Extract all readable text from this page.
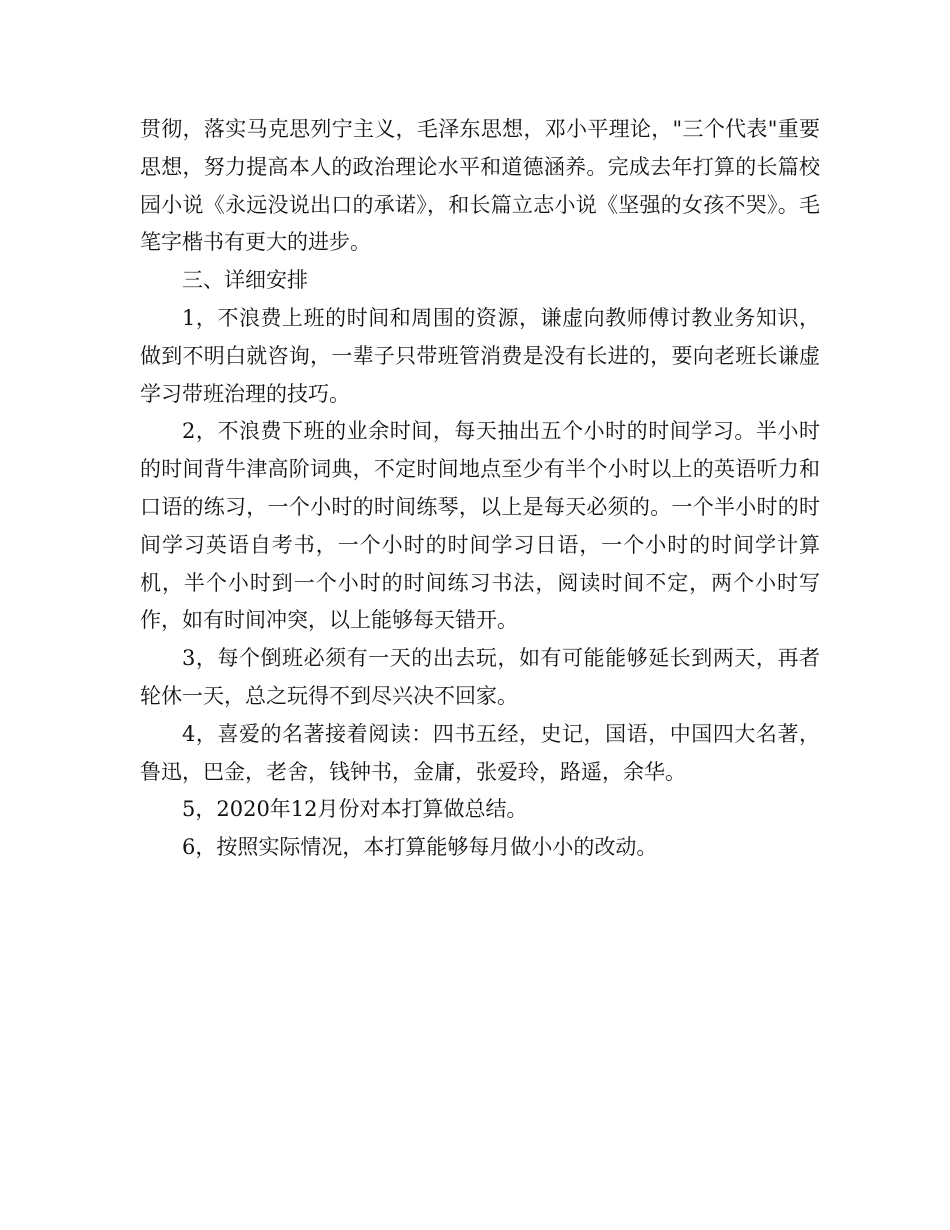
贯彻，落实马克思列宁主义，毛泽东思想，邓小平理论，"三个代表"重要思想，努力提高本人的政治理论水平和道德涵养。完成去年打算的长篇校园小说《永远没说出口的承诺》，和长篇立志小说《坚强的女孩不哭》。毛笔字楷书有更大的进步。

三、详细安排

1，不浪费上班的时间和周围的资源，谦虚向教师傅讨教业务知识，做到不明白就咨询，一辈子只带班管消费是没有长进的，要向老班长谦虚学习带班治理的技巧。

2，不浪费下班的业余时间，每天抽出五个小时的时间学习。半小时的时间背牛津高阶词典，不定时间地点至少有半个小时以上的英语听力和口语的练习，一个小时的时间练琴，以上是每天必须的。一个半小时的时间学习英语自考书，一个小时的时间学习日语，一个小时的时间学计算机，半个小时到一个小时的时间练习书法，阅读时间不定，两个小时写作，如有时间冲突，以上能够每天错开。

3，每个倒班必须有一天的出去玩，如有可能能够延长到两天，再者轮休一天，总之玩得不到尽兴决不回家。

4，喜爱的名著接着阅读：四书五经，史记，国语，中国四大名著，鲁迅，巴金，老舍，钱钟书，金庸，张爱玲，路遥，余华。

5，2020年12月份对本打算做总结。

6，按照实际情况，本打算能够每月做小小的改动。
